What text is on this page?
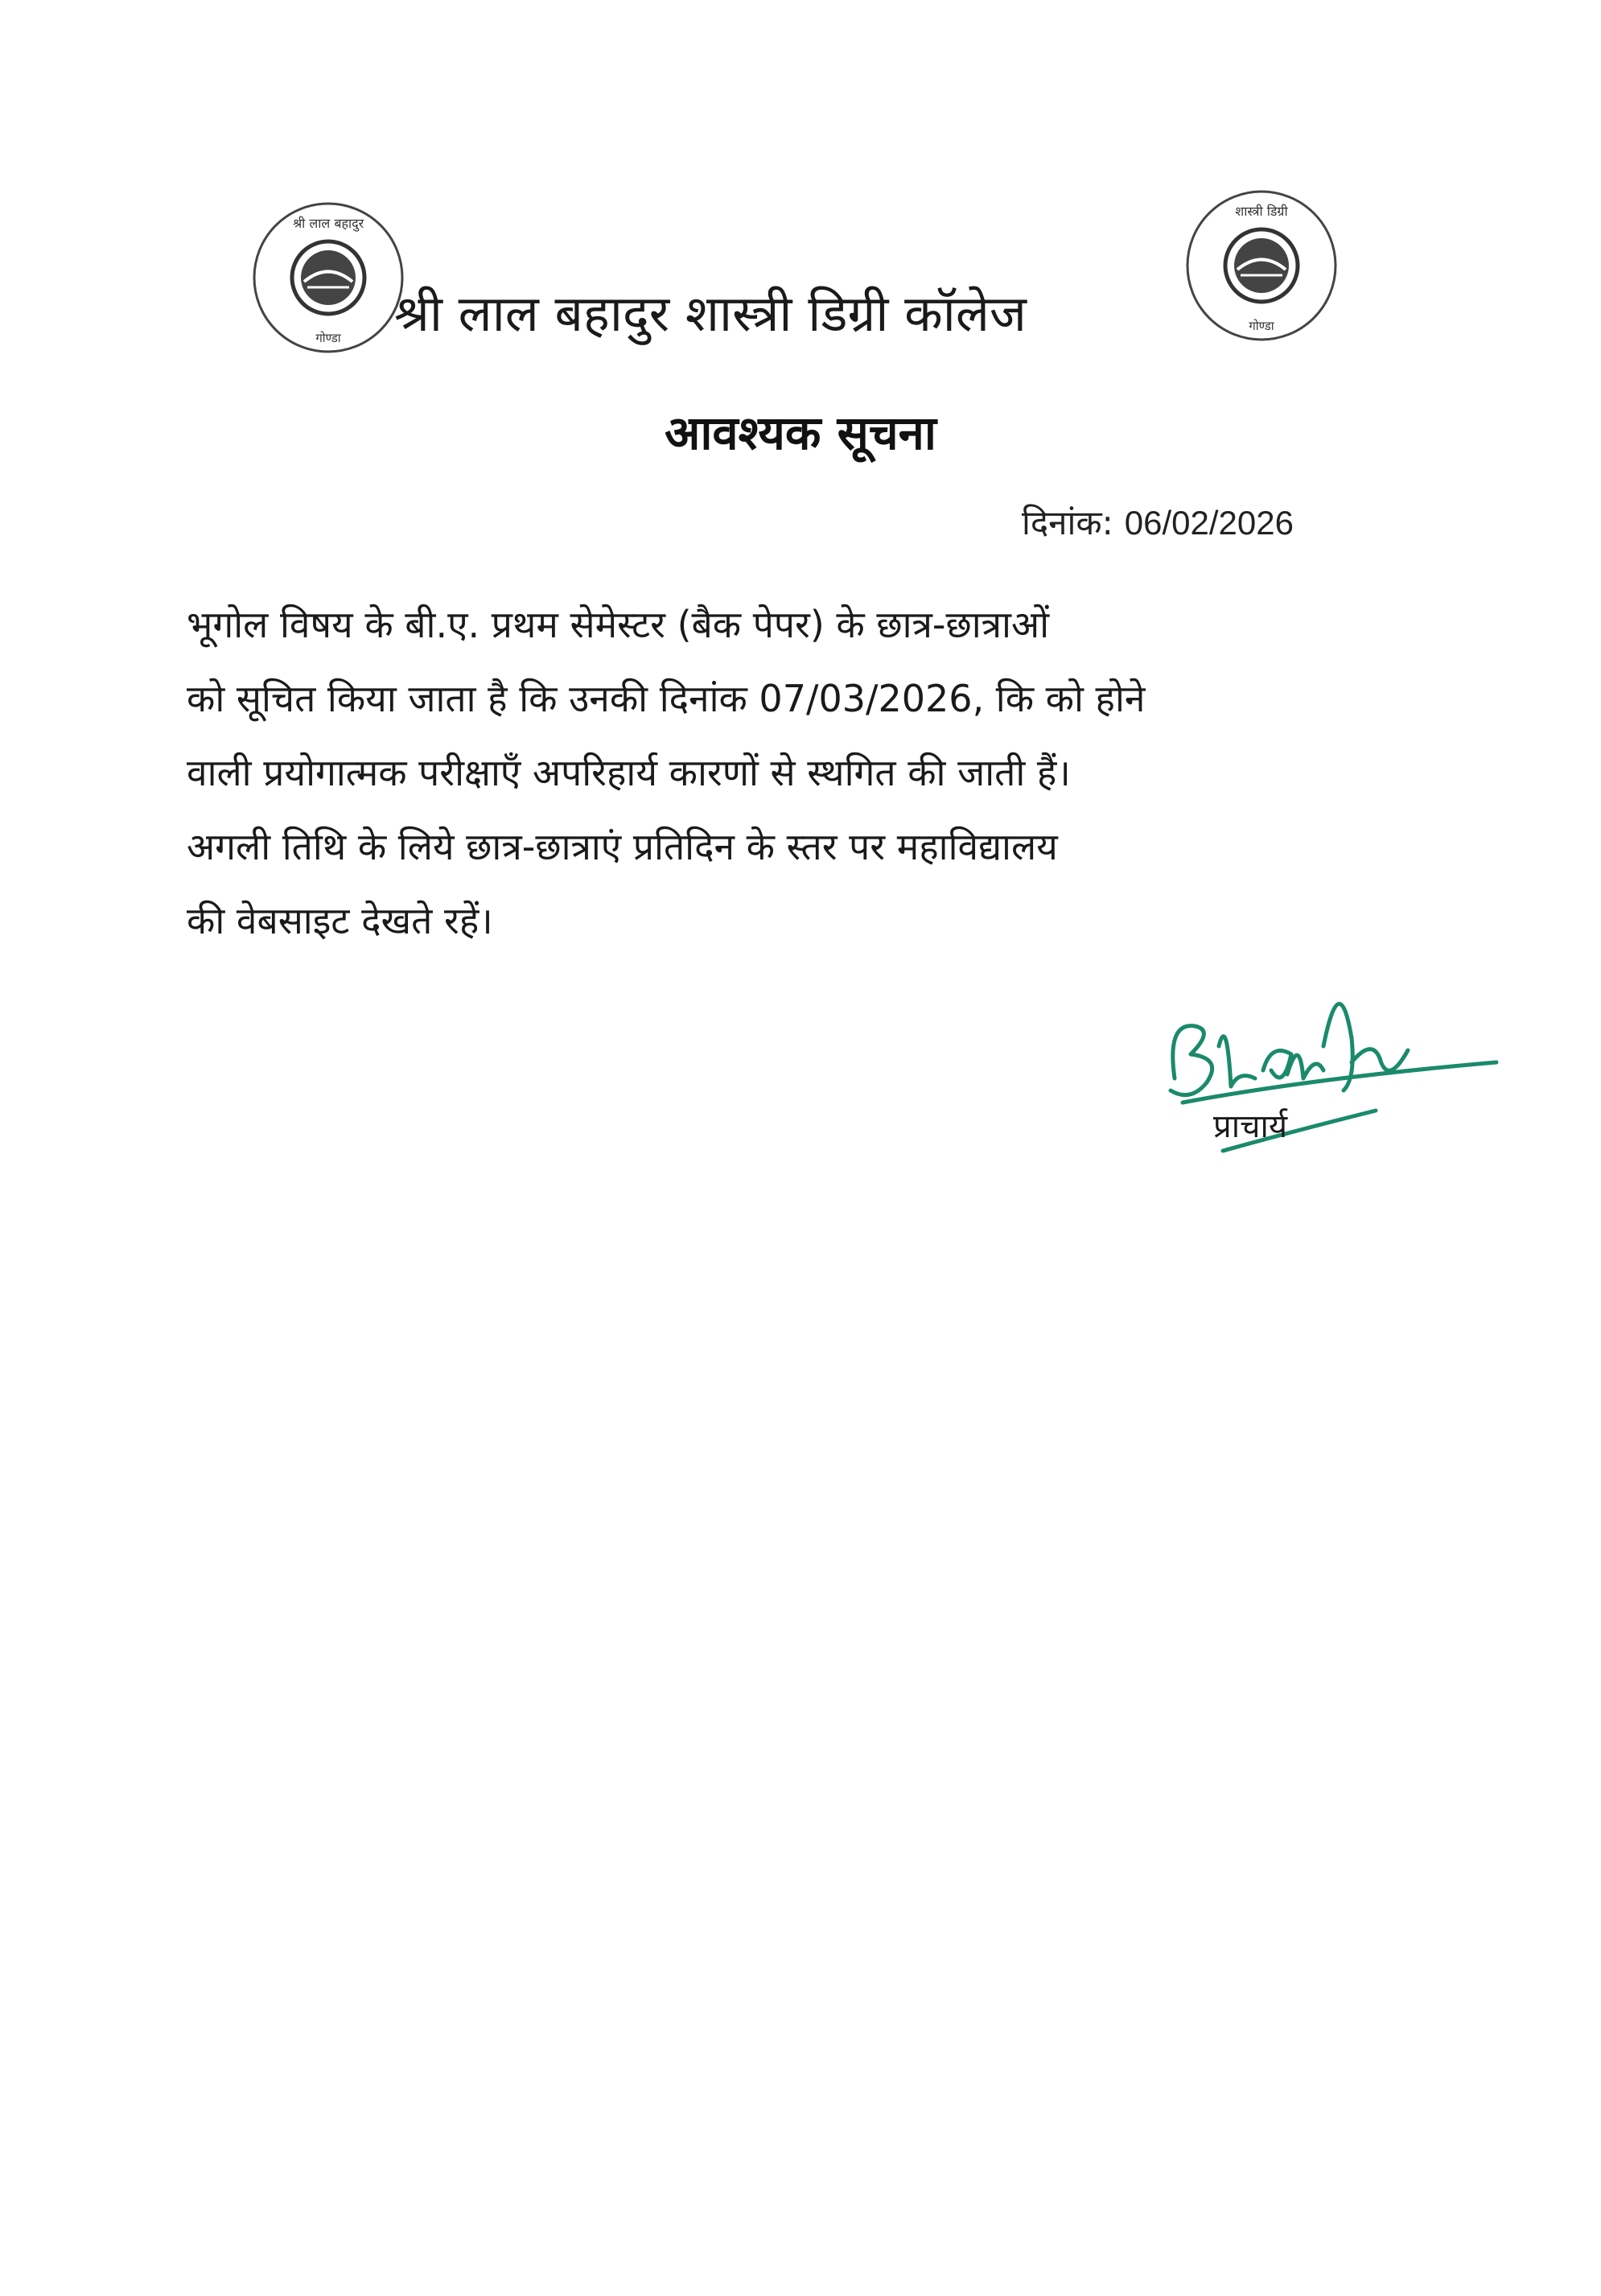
श्री लाल बहादुर
गोण्डा
शास्त्री डिग्री
गोण्डा
श्री लाल बहादुर शास्त्री डिग्री कॉलेज
आवश्यक सूचना
दिनांक: 06/02/2026
भूगोल विषय के बी.ए. प्रथम सेमेस्टर (बैक पेपर) के छात्र-छात्राओं
को सूचित किया जाता है कि उनकी दिनांक 07/03/2026, कि को होने
वाली प्रयोगात्मक परीक्षाएँ अपरिहार्य कारणों से स्थगित की जाती हैं।
अगली तिथि के लिये छात्र-छात्राएं प्रतिदिन के स्तर पर महाविद्यालय
की वेबसाइट देखते रहें।
प्राचार्य
